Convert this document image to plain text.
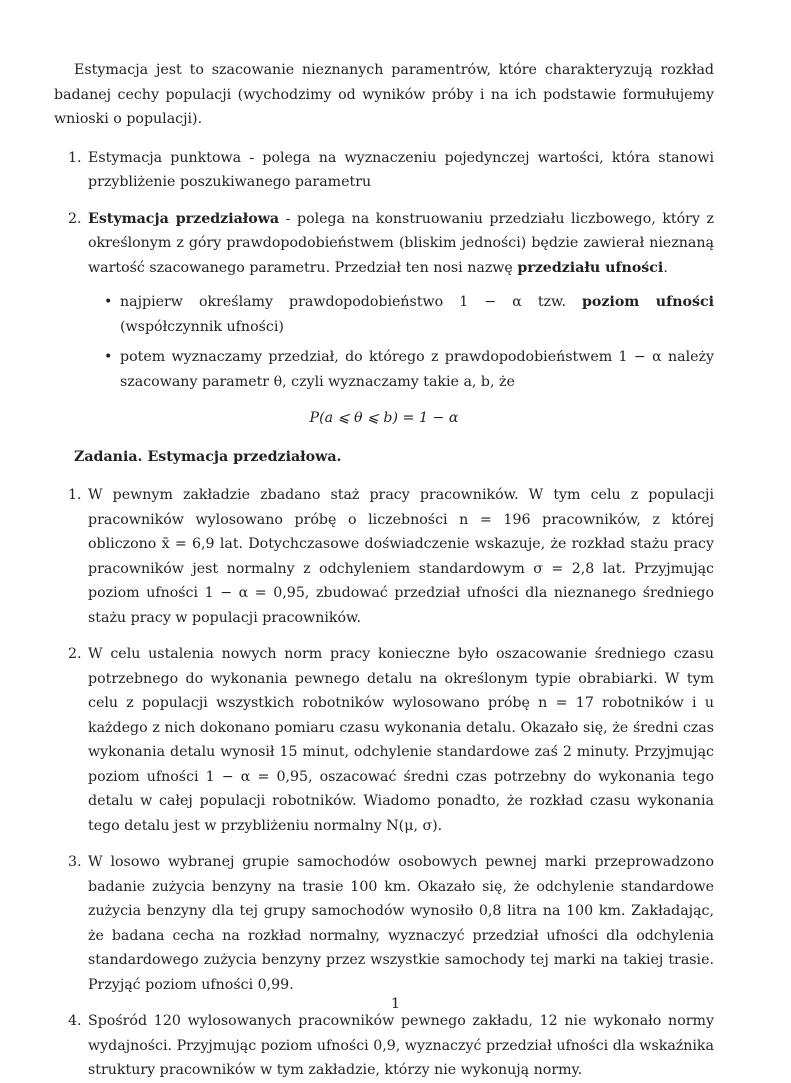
Estymacja jest to szacowanie nieznanych paramentrów, które charakteryzują rozkład badanej cechy populacji (wychodzimy od wyników próby i na ich podstawie formułujemy wnioski o populacji).

1. Estymacja punktowa - polega na wyznaczeniu pojedynczej wartości, która stanowi przybliżenie poszukiwanego parametru
2. Estymacja przedziałowa - polega na konstruowaniu przedziału liczbowego, który z określonym z góry prawdopodobieństwem (bliskim jedności) będzie zawierał nieznaną wartość szacowanego parametru. Przedział ten nosi nazwę przedziału ufności.
• najpierw określamy prawdopodobieństwo 1 − α tzw. poziom ufności (współczynnik ufności)
• potem wyznaczamy przedział, do którego z prawdopodobieństwem 1 − α należy szacowany parametr θ, czyli wyznaczamy takie a, b, że

P(a ⩽ θ ⩽ b) = 1 − α

Zadania. Estymacja przedziałowa.

1. W pewnym zakładzie zbadano staż pracy pracowników. W tym celu z populacji pracowników wylosowano próbę o liczebności n = 196 pracowników, z której obliczono x̄ = 6,9 lat. Dotychczasowe doświadczenie wskazuje, że rozkład stażu pracy pracowników jest normalny z odchyleniem standardowym σ = 2,8 lat. Przyjmując poziom ufności 1 − α = 0,95, zbudować przedział ufności dla nieznanego średniego stażu pracy w populacji pracowników.
2. W celu ustalenia nowych norm pracy konieczne było oszacowanie średniego czasu potrzebnego do wykonania pewnego detalu na określonym typie obrabiarki. W tym celu z populacji wszystkich robotników wylosowano próbę n = 17 robotników i u każdego z nich dokonano pomiaru czasu wykonania detalu. Okazało się, że średni czas wykonania detalu wynosił 15 minut, odchylenie standardowe zaś 2 minuty. Przyjmując poziom ufności 1 − α = 0,95, oszacować średni czas potrzebny do wykonania tego detalu w całej populacji robotników. Wiadomo ponadto, że rozkład czasu wykonania tego detalu jest w przybliżeniu normalny N(μ, σ).
3. W losowo wybranej grupie samochodów osobowych pewnej marki przeprowadzono badanie zużycia benzyny na trasie 100 km. Okazało się, że odchylenie standardowe zużycia benzyny dla tej grupy samochodów wynosiło 0,8 litra na 100 km. Zakładając, że badana cecha na rozkład normalny, wyznaczyć przedział ufności dla odchylenia standardowego zużycia benzyny przez wszystkie samochody tej marki na takiej trasie. Przyjąć poziom ufności 0,99.
4. Spośród 120 wylosowanych pracowników pewnego zakładu, 12 nie wykonało normy wydajności. Przyjmując poziom ufności 0,9, wyznaczyć przedział ufności dla wskaźnika struktury pracowników w tym zakładzie, którzy nie wykonują normy.
1
